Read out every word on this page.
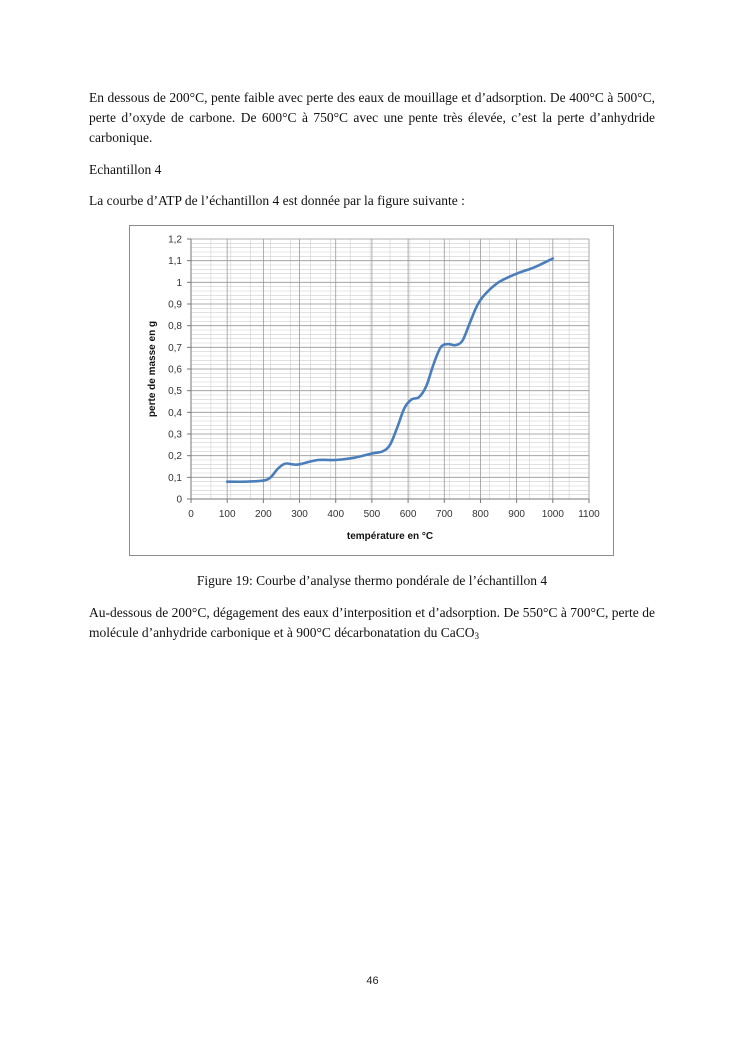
En dessous de 200°C, pente faible avec perte des eaux de mouillage et d’adsorption. De 400°C à 500°C, perte d’oxyde de carbone. De 600°C à 750°C avec une pente très élevée, c’est la perte d’anhydride carbonique.

Echantillon 4

La courbe d’ATP de l’échantillon 4 est donnée par la figure suivante :

0	100 200 300 400 500 600 700 800 900 1000 1100
0
0,1
0,2
0,3
0,4
0,5
0,6
0,7
0,8
0,9
1
1,1
1,2
température en °C
perte de masse en g

Figure 19: Courbe d’analyse thermo pondérale de l’échantillon 4

Au-dessous de 200°C, dégagement des eaux d’interposition et d’adsorption. De 550°C à 700°C, perte de molécule d’anhydride carbonique et à 900°C décarbonatation du CaCO$_3$

46
